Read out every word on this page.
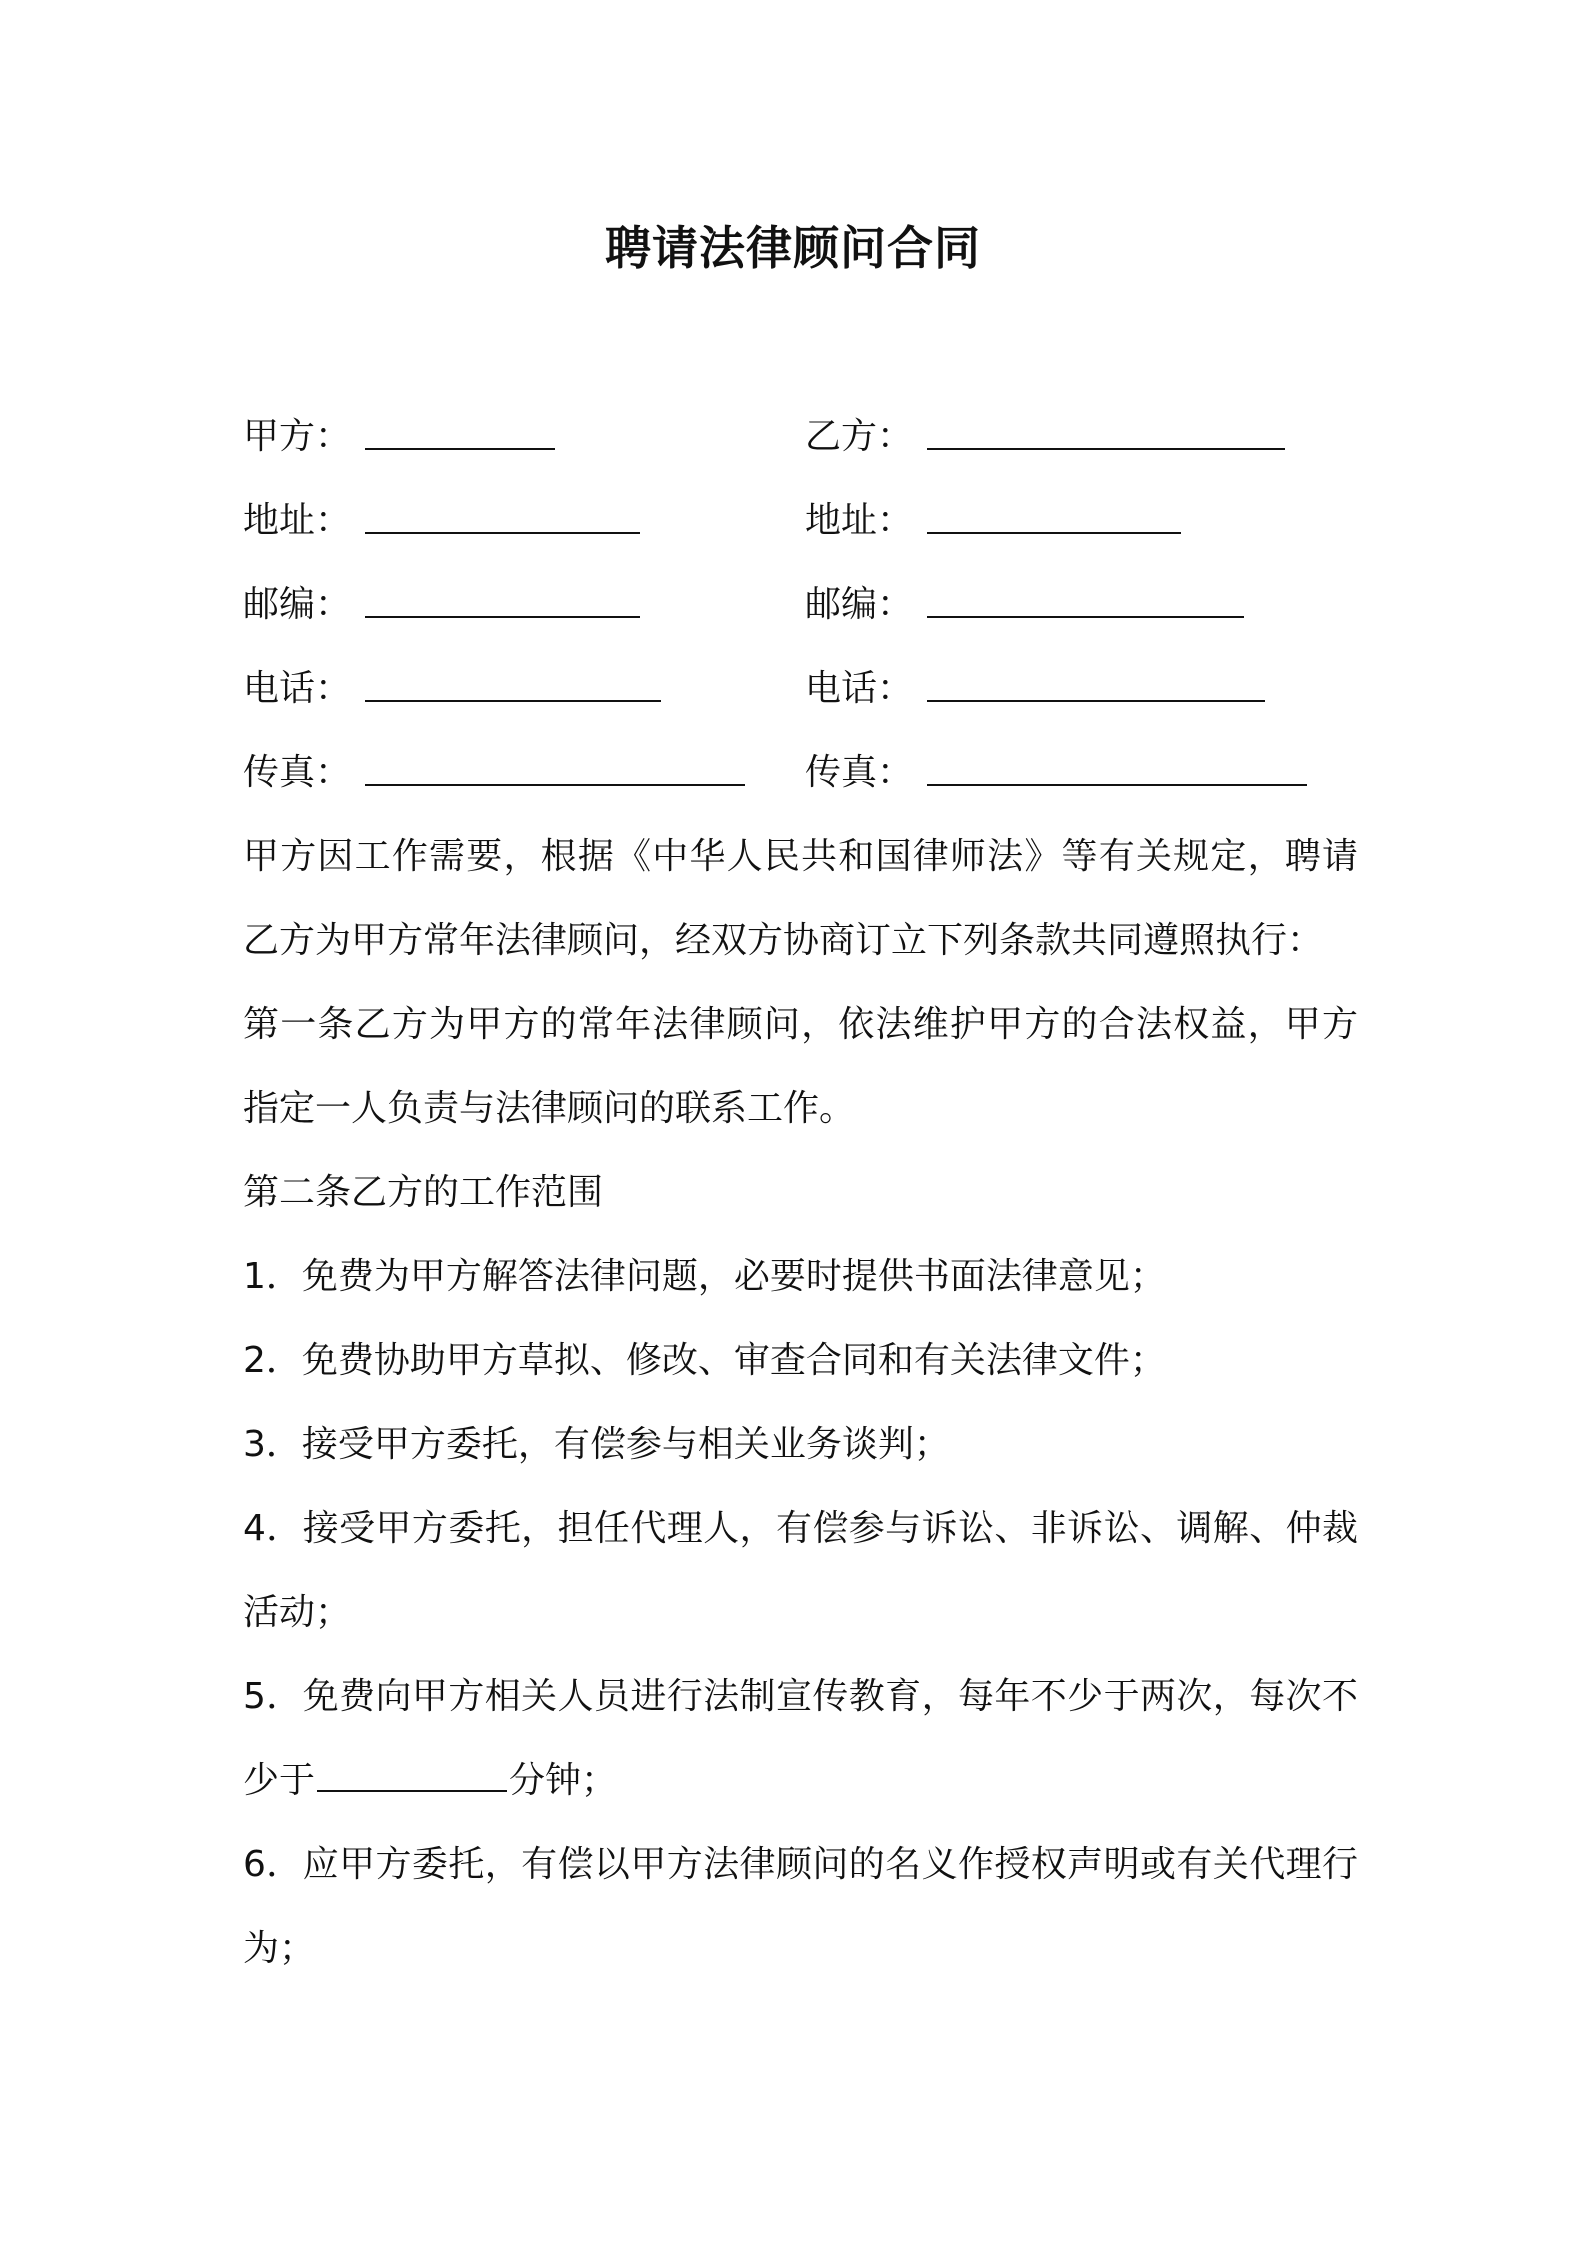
聘请法律顾问合同
甲方：
地址：
邮编：
电话：
传真：
乙方：
地址：
邮编：
电话：
传真：

甲方因工作需要，根据《中华人民共和国律师法》等有关规定，聘请乙方为甲方常年法律顾问，经双方协商订立下列条款共同遵照执行：

第一条乙方为甲方的常年法律顾问，依法维护甲方的合法权益，甲方指定一人负责与法律顾问的联系工作。

第二条乙方的工作范围

1．免费为甲方解答法律问题，必要时提供书面法律意见；

2．免费协助甲方草拟、修改、审查合同和有关法律文件；

3．接受甲方委托，有偿参与相关业务谈判；

4．接受甲方委托，担任代理人，有偿参与诉讼、非诉讼、调解、仲裁活动；

5．免费向甲方相关人员进行法制宣传教育，每年不少于两次，每次不少于	分钟；

6．应甲方委托，有偿以甲方法律顾问的名义作授权声明或有关代理行为；
